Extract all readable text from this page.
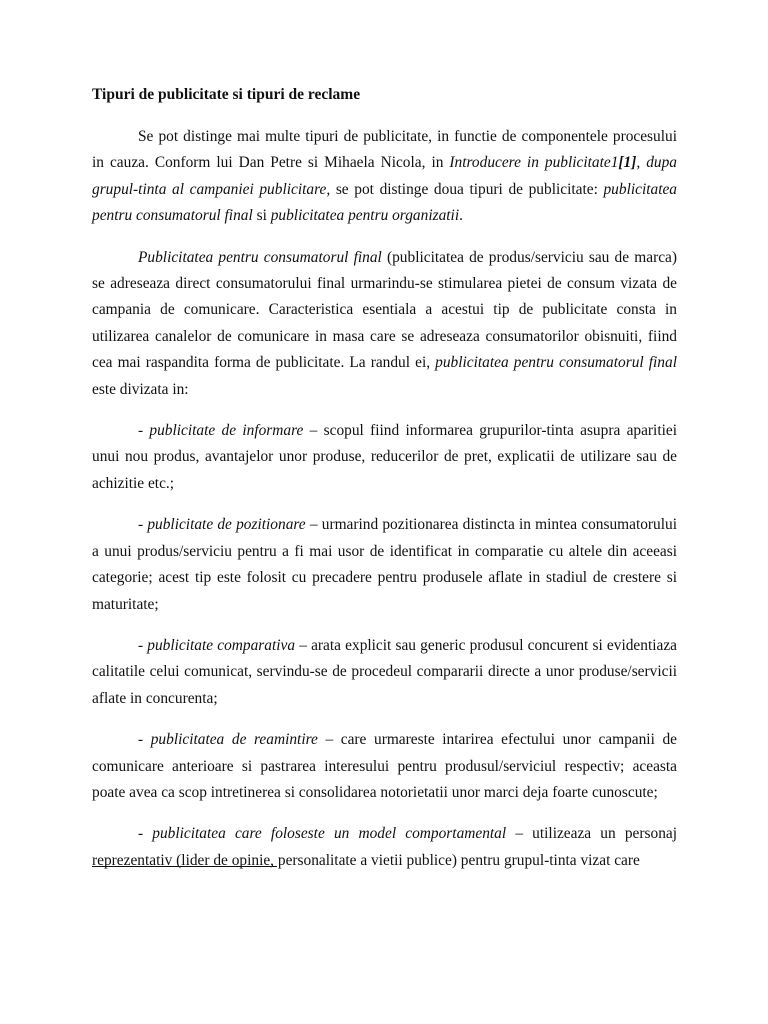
Tipuri de publicitate si tipuri de reclame

Se pot distinge mai multe tipuri de publicitate, in functie de componentele procesului in cauza. Conform lui Dan Petre si Mihaela Nicola, in Introducere in publicitate1[1], dupa grupul-tinta al campaniei publicitare, se pot distinge doua tipuri de publicitate: publicitatea pentru consumatorul final si publicitatea pentru organizatii.

Publicitatea pentru consumatorul final (publicitatea de produs/serviciu sau de marca) se adreseaza direct consumatorului final urmarindu-se stimularea pietei de consum vizata de campania de comunicare. Caracteristica esentiala a acestui tip de publicitate consta in utilizarea canalelor de comunicare in masa care se adreseaza consumatorilor obisnuiti, fiind cea mai raspandita forma de publicitate. La randul ei, publicitatea pentru consumatorul final este divizata in:

- publicitate de informare – scopul fiind informarea grupurilor-tinta asupra aparitiei unui nou produs, avantajelor unor produse, reducerilor de pret, explicatii de utilizare sau de achizitie etc.;

- publicitate de pozitionare – urmarind pozitionarea distincta in mintea consumatorului a unui produs/serviciu pentru a fi mai usor de identificat in comparatie cu altele din aceeasi categorie; acest tip este folosit cu precadere pentru produsele aflate in stadiul de crestere si maturitate;

- publicitate comparativa – arata explicit sau generic produsul concurent si evidentiaza calitatile celui comunicat, servindu-se de procedeul compararii directe a unor produse/servicii aflate in concurenta;

- publicitatea de reamintire – care urmareste intarirea efectului unor campanii de comunicare anterioare si pastrarea interesului pentru produsul/serviciul respectiv; aceasta poate avea ca scop intretinerea si consolidarea notorietatii unor marci deja foarte cunoscute;

- publicitatea care foloseste un model comportamental – utilizeaza un personaj reprezentativ (lider de opinie, personalitate a vietii publice) pentru grupul-tinta vizat care
